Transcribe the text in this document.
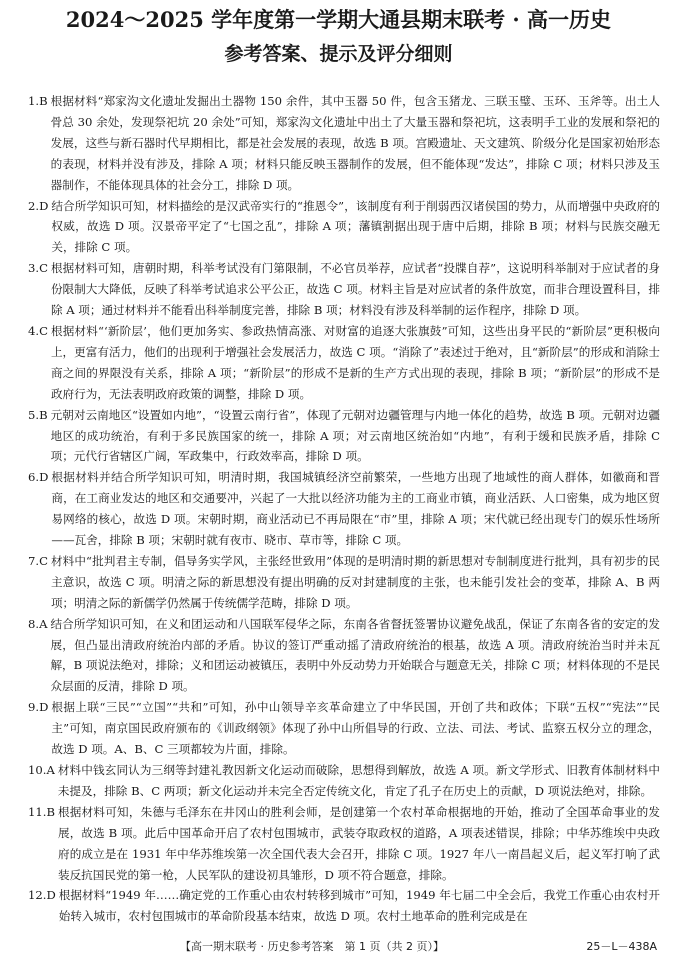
2024～2025 学年度第一学期大通县期末联考 · 高一历史
参考答案、提示及评分细则
1.B 根据材料“郑家沟文化遗址发掘出土器物 150 余件，其中玉器 50 件，包含玉猪龙、三联玉璧、玉环、玉斧等。出土人骨总 30 余处，发现祭祀坑 20 余处”可知，郑家沟文化遗址中出土了大量玉器和祭祀坑，这表明手工业的发展和祭祀的发展，这些与新石器时代早期相比，都是社会发展的表现，故选 B 项。宫殿遗址、天文建筑、阶级分化是国家初始形态的表现，材料并没有涉及，排除 A 项；材料只能反映玉器制作的发展，但不能体现“发达”，排除 C 项；材料只涉及玉器制作，不能体现具体的社会分工，排除 D 项。
2.D 结合所学知识可知，材料描绘的是汉武帝实行的“推恩令”，该制度有利于削弱西汉诸侯国的势力，从而增强中央政府的权威，故选 D 项。汉景帝平定了“七国之乱”，排除 A 项；藩镇割据出现于唐中后期，排除 B 项；材料与民族交融无关，排除 C 项。
3.C 根据材料可知，唐朝时期，科举考试没有门第限制，不必官员举荐，应试者“投牒自荐”，这说明科举制对于应试者的身份限制大大降低，反映了科举考试追求公平公正，故选 C 项。材料主旨是对应试者的条件放宽，而非合理设置科目，排除 A 项；通过材料并不能看出科举制度完善，排除 B 项；材料没有涉及科举制的运作程序，排除 D 项。
4.C 根据材料“‘新阶层’，他们更加务实、参政热情高涨、对财富的追逐大张旗鼓”可知，这些出身平民的“新阶层”更积极向上，更富有活力，他们的出现利于增强社会发展活力，故选 C 项。“消除了”表述过于绝对，且“新阶层”的形成和消除士商之间的界限没有关系，排除 A 项；“新阶层”的形成不是新的生产方式出现的表现，排除 B 项；“新阶层”的形成不是政府行为，无法表明政府政策的调整，排除 D 项。
5.B 元朝对云南地区“设置如内地”，“设置云南行省”，体现了元朝对边疆管理与内地一体化的趋势，故选 B 项。元朝对边疆地区的成功统治，有利于多民族国家的统一，排除 A 项；对云南地区统治如“内地”，有利于缓和民族矛盾，排除 C 项；元代行省辖区广阔，军政集中，行政效率高，排除 D 项。
6.D 根据材料并结合所学知识可知，明清时期，我国城镇经济空前繁荣，一些地方出现了地域性的商人群体，如徽商和晋商，在工商业发达的地区和交通要冲，兴起了一大批以经济功能为主的工商业市镇，商业活跃、人口密集，成为地区贸易网络的核心，故选 D 项。宋朝时期，商业活动已不再局限在“市”里，排除 A 项；宋代就已经出现专门的娱乐性场所——瓦舍，排除 B 项；宋朝时就有夜市、晓市、草市等，排除 C 项。
7.C 材料中“批判君主专制，倡导务实学风，主张经世致用”体现的是明清时期的新思想对专制制度进行批判，具有初步的民主意识，故选 C 项。明清之际的新思想没有提出明确的反对封建制度的主张，也未能引发社会的变革，排除 A、B 两项；明清之际的新儒学仍然属于传统儒学范畴，排除 D 项。
8.A 结合所学知识可知，在义和团运动和八国联军侵华之际，东南各省督抚签署协议避免战乱，保证了东南各省的安定的发展，但凸显出清政府统治内部的矛盾。协议的签订严重动摇了清政府统治的根基，故选 A 项。清政府统治当时并未瓦解，B 项说法绝对，排除；义和团运动被镇压，表明中外反动势力开始联合与题意无关，排除 C 项；材料体现的不是民众层面的反清，排除 D 项。
9.D 根据上联“三民”“立国”“共和”可知，孙中山领导辛亥革命建立了中华民国，开创了共和政体；下联“五权”“宪法”“民主”可知，南京国民政府颁布的《训政纲领》体现了孙中山所倡导的行政、立法、司法、考试、监察五权分立的理念，故选 D 项。A、B、C 三项都较为片面，排除。
10.A 材料中钱玄同认为三纲等封建礼教因新文化运动而破除，思想得到解放，故选 A 项。新文学形式、旧教育体制材料中未提及，排除 B、C 两项；新文化运动并未完全否定传统文化，肯定了孔子在历史上的贡献，D 项说法绝对，排除。
11.B 根据材料可知，朱德与毛泽东在井冈山的胜利会师，是创建第一个农村革命根据地的开始，推动了全国革命事业的发展，故选 B 项。此后中国革命开启了农村包围城市，武装夺取政权的道路，A 项表述错误，排除；中华苏维埃中央政府的成立是在 1931 年中华苏维埃第一次全国代表大会召开，排除 C 项。1927 年八一南昌起义后，起义军打响了武装反抗国民党的第一枪，人民军队的建设初具雏形，D 项不符合题意，排除。
12.D 根据材料“1949 年……确定党的工作重心由农村转移到城市”可知，1949 年七届二中全会后，我党工作重心由农村开始转入城市，农村包围城市的革命阶段基本结束，故选 D 项。农村土地革命的胜利完成是在
【高一期末联考 · 历史参考答案　第 1 页（共 2 页）】	25－L－438A
